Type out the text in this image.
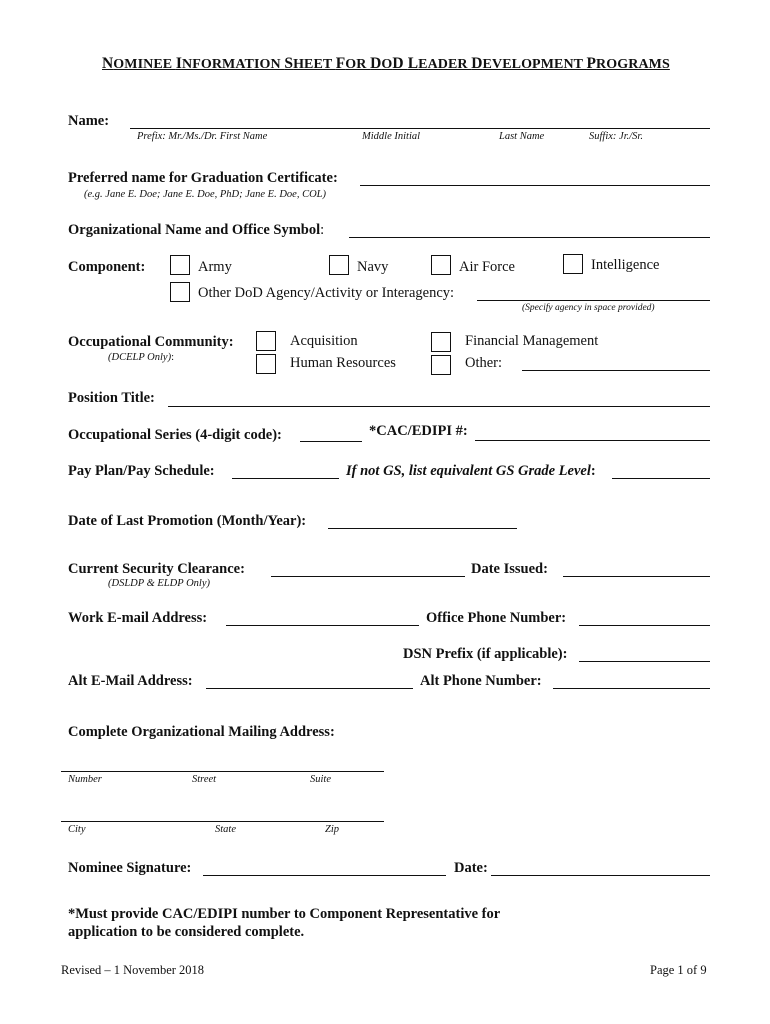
NOMINEE INFORMATION SHEET FOR DOD LEADER DEVELOPMENT PROGRAMS
Name:
Prefix: Mr./Ms./Dr. First Name	Middle Initial	Last Name	Suffix: Jr./Sr.
Preferred name for Graduation Certificate:
(e.g. Jane E. Doe; Jane E. Doe, PhD; Jane E. Doe, COL)
Organizational Name and Office Symbol:
Component:	Army	Navy	Air Force	Intelligence
Other DoD Agency/Activity or Interagency:
(Specify agency in space provided)
Occupational Community:
(DCELP Only):
Acquisition	Financial Management
Human Resources	Other:
Position Title:
Occupational Series (4-digit code):	*CAC/EDIPI #:
Pay Plan/Pay Schedule:	If not GS, list equivalent GS Grade Level:
Date of Last Promotion (Month/Year):
Current Security Clearance:
(DSLDP & ELDP Only)
Date Issued:
Work E-mail Address:	Office Phone Number:
DSN Prefix (if applicable):
Alt E-Mail Address:	Alt Phone Number:
Complete Organizational Mailing Address:
Number	Street	Suite
City	State	Zip
Nominee Signature:	Date:
*Must provide CAC/EDIPI number to Component Representative for
application to be considered complete.
Revised – 1 November 2018	Page 1 of 9
